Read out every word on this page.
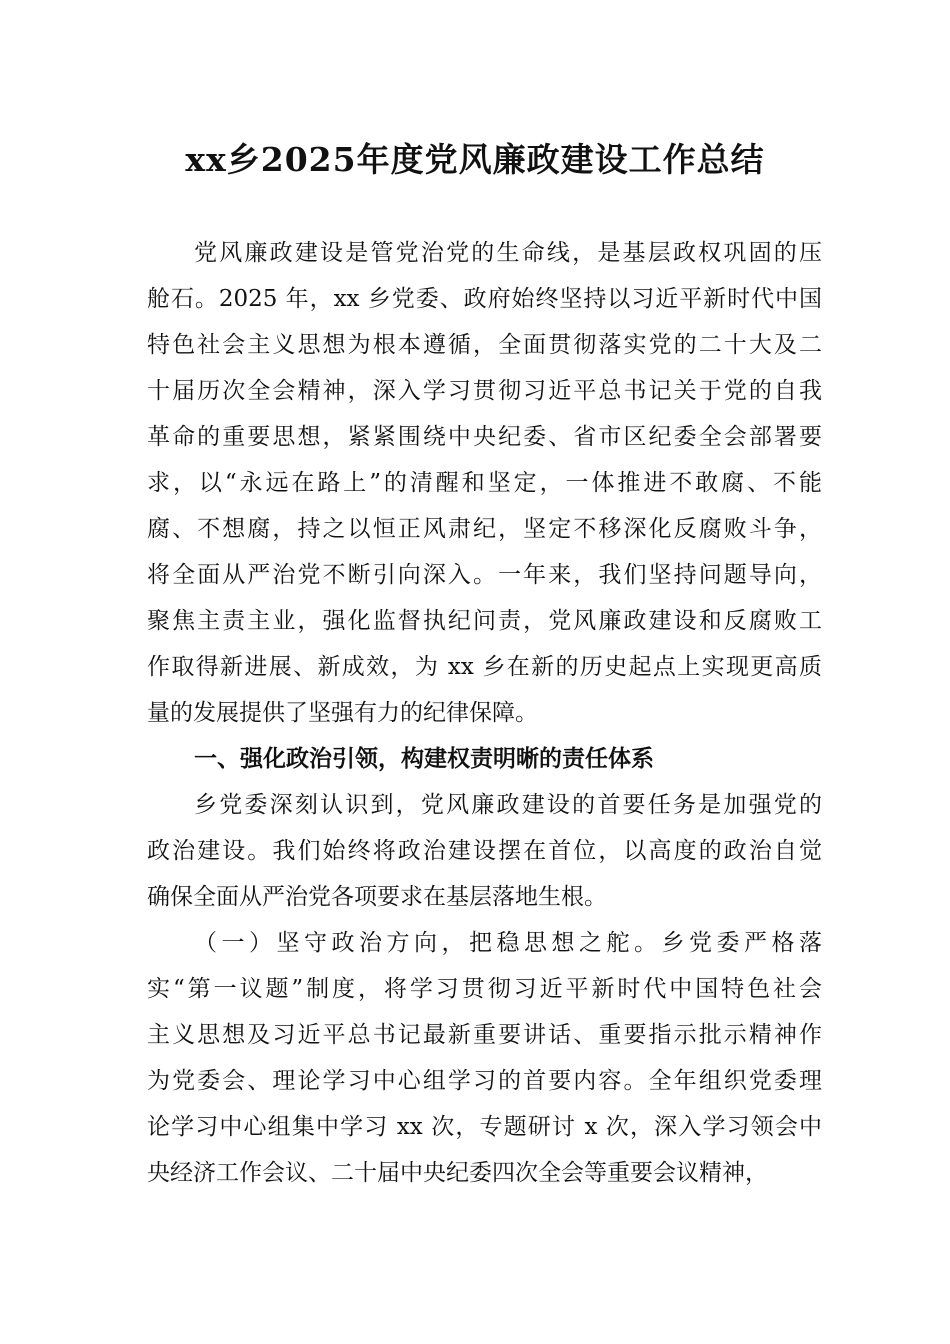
xx乡2025年度党风廉政建设工作总结
党风廉政建设是管党治党的生命线，是基层政权巩固的压
舱石。2025 年，xx 乡党委、政府始终坚持以习近平新时代中国
特色社会主义思想为根本遵循，全面贯彻落实党的二十大及二
十届历次全会精神，深入学习贯彻习近平总书记关于党的自我
革命的重要思想，紧紧围绕中央纪委、省市区纪委全会部署要
求，以“永远在路上”的清醒和坚定，一体推进不敢腐、不能
腐、不想腐，持之以恒正风肃纪，坚定不移深化反腐败斗争，
将全面从严治党不断引向深入。一年来，我们坚持问题导向，
聚焦主责主业，强化监督执纪问责，党风廉政建设和反腐败工
作取得新进展、新成效，为 xx 乡在新的历史起点上实现更高质
量的发展提供了坚强有力的纪律保障。
一、强化政治引领，构建权责明晰的责任体系
乡党委深刻认识到，党风廉政建设的首要任务是加强党的
政治建设。我们始终将政治建设摆在首位，以高度的政治自觉
确保全面从严治党各项要求在基层落地生根。
（一）坚守政治方向，把稳思想之舵。乡党委严格落
实“第一议题”制度，将学习贯彻习近平新时代中国特色社会
主义思想及习近平总书记最新重要讲话、重要指示批示精神作
为党委会、理论学习中心组学习的首要内容。全年组织党委理
论学习中心组集中学习 xx 次，专题研讨 x 次，深入学习领会中
央经济工作会议、二十届中央纪委四次全会等重要会议精神，
